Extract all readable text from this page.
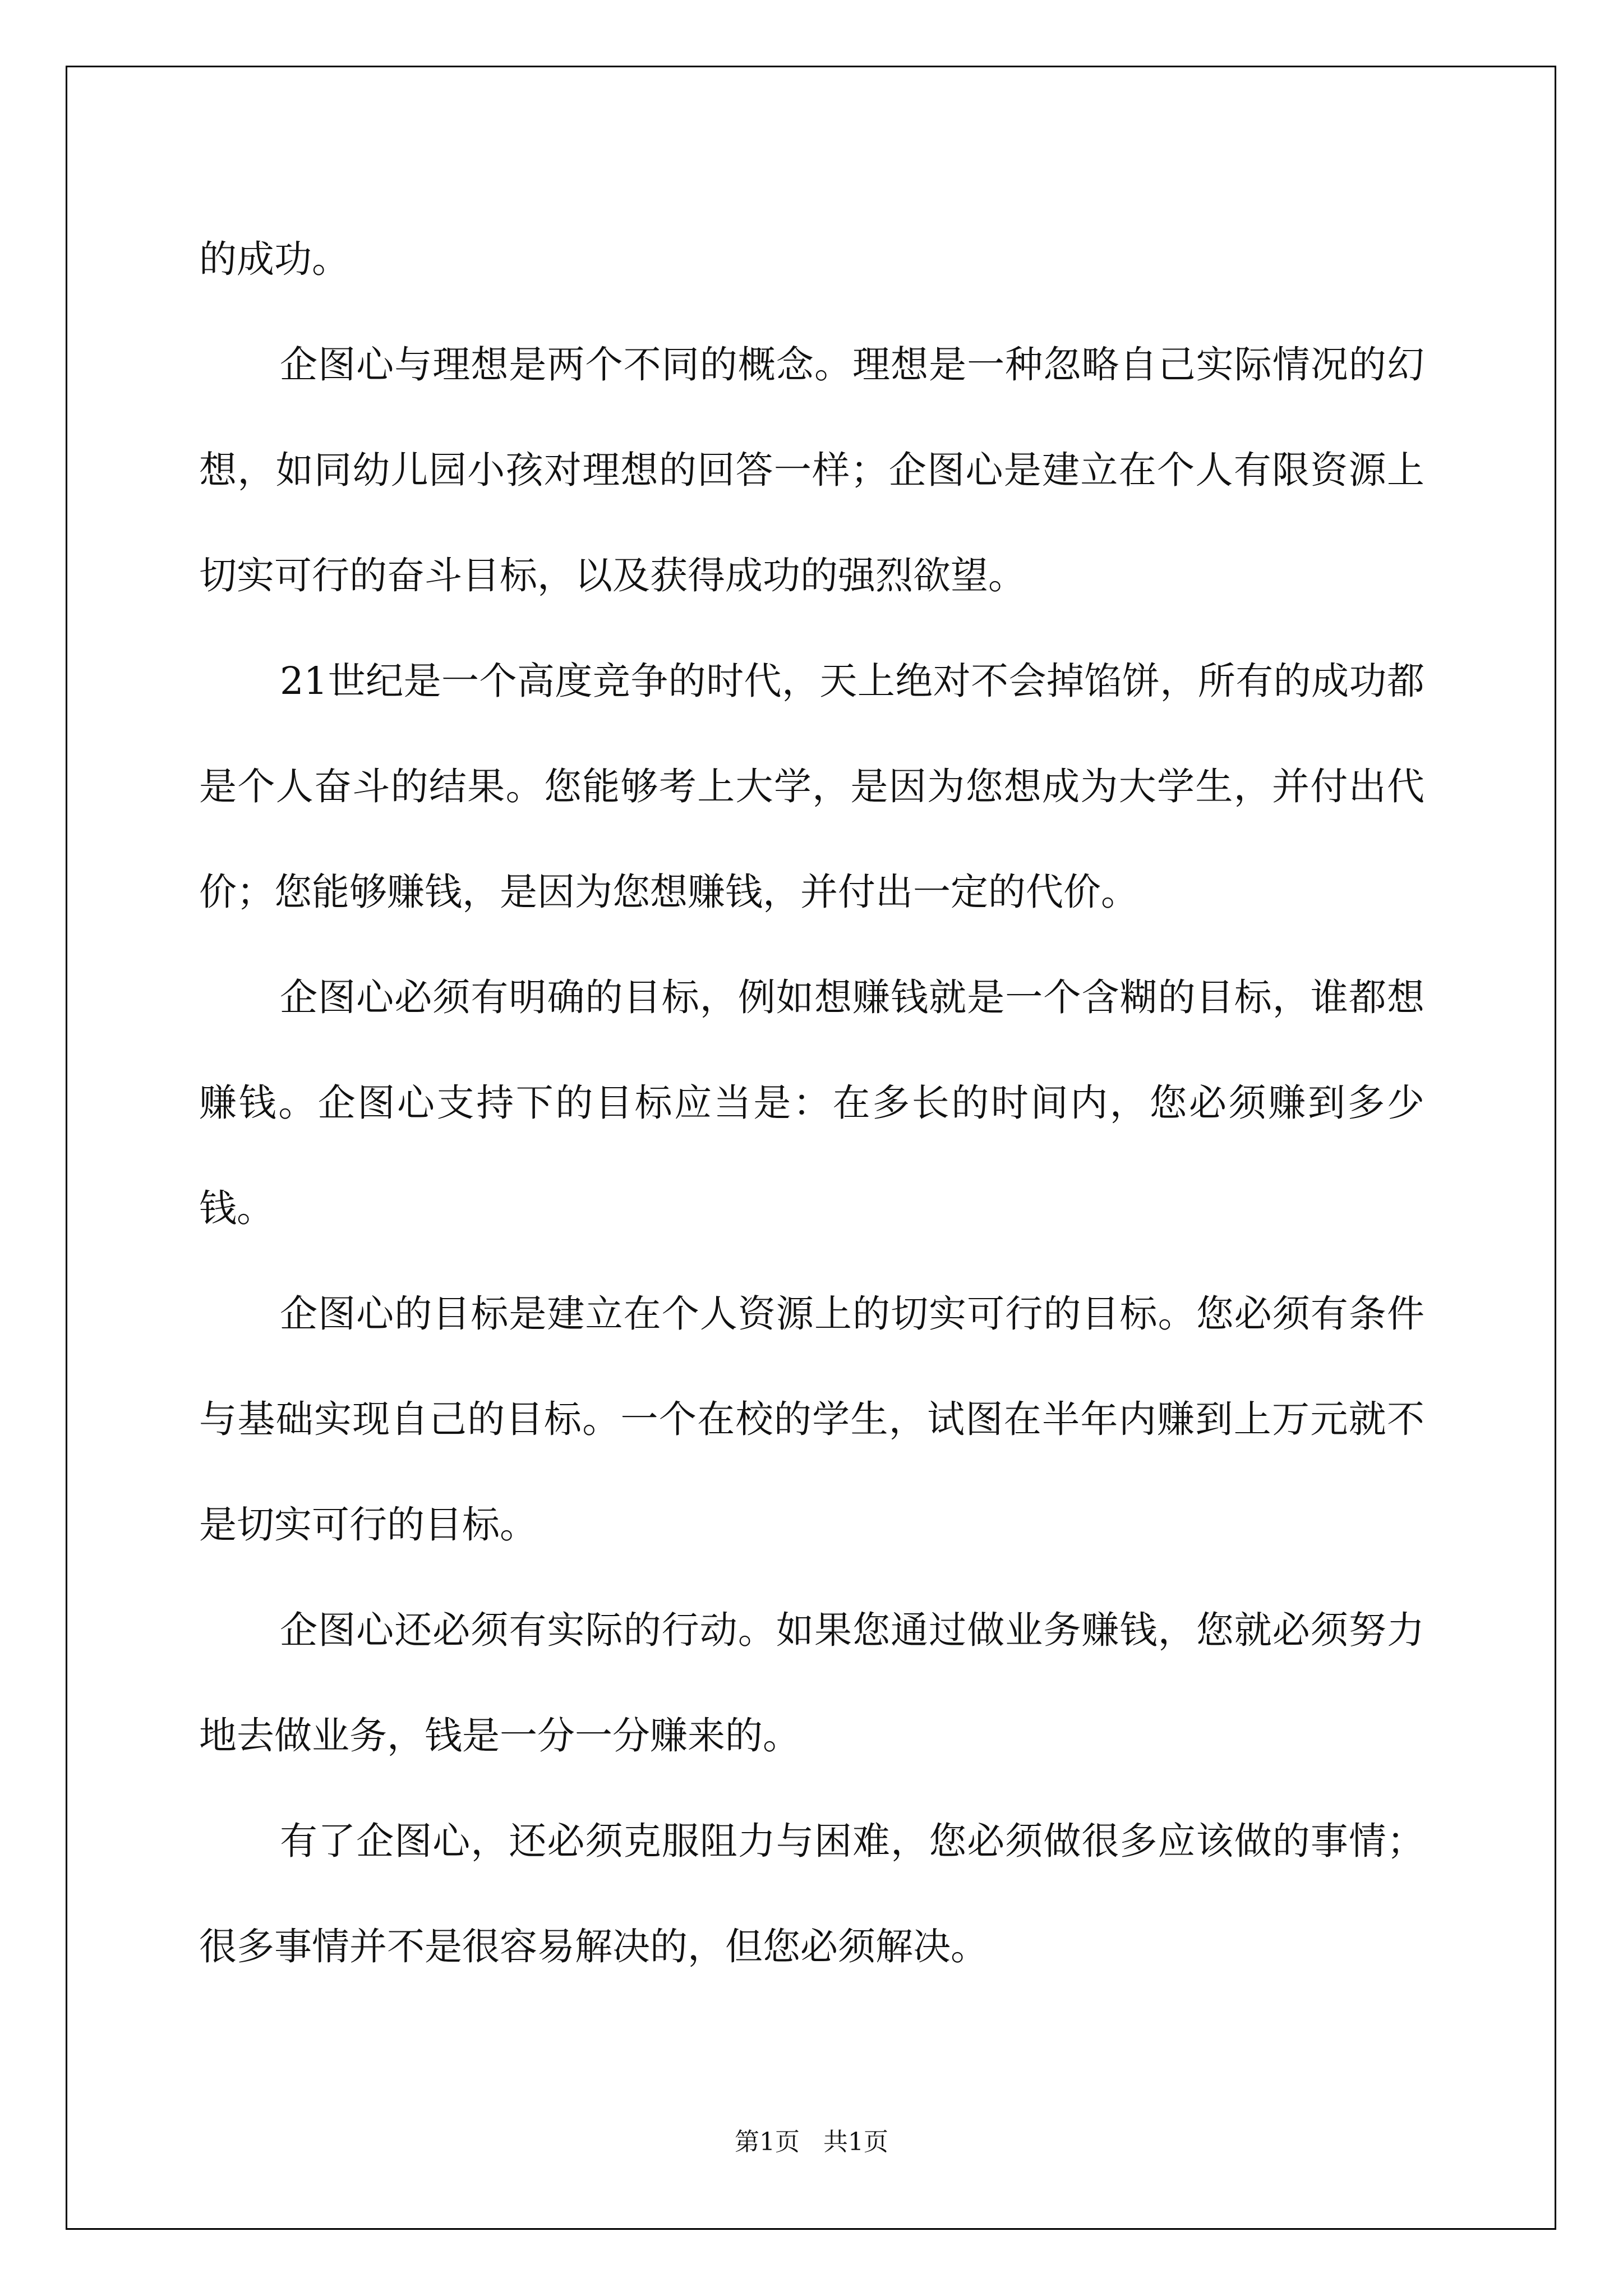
的成功。

企图心与理想是两个不同的概念。理想是一种忽略自己实际情况的幻想，如同幼儿园小孩对理想的回答一样；企图心是建立在个人有限资源上切实可行的奋斗目标，以及获得成功的强烈欲望。

21世纪是一个高度竞争的时代，天上绝对不会掉馅饼，所有的成功都是个人奋斗的结果。您能够考上大学，是因为您想成为大学生，并付出代价；您能够赚钱，是因为您想赚钱，并付出一定的代价。

企图心必须有明确的目标，例如想赚钱就是一个含糊的目标，谁都想赚钱。企图心支持下的目标应当是：在多长的时间内，您必须赚到多少钱。

企图心的目标是建立在个人资源上的切实可行的目标。您必须有条件与基础实现自己的目标。一个在校的学生，试图在半年内赚到上万元就不是切实可行的目标。

企图心还必须有实际的行动。如果您通过做业务赚钱，您就必须努力地去做业务，钱是一分一分赚来的。

有了企图心，还必须克服阻力与困难，您必须做很多应该做的事情；很多事情并不是很容易解决的，但您必须解决。

第1页   共1页
